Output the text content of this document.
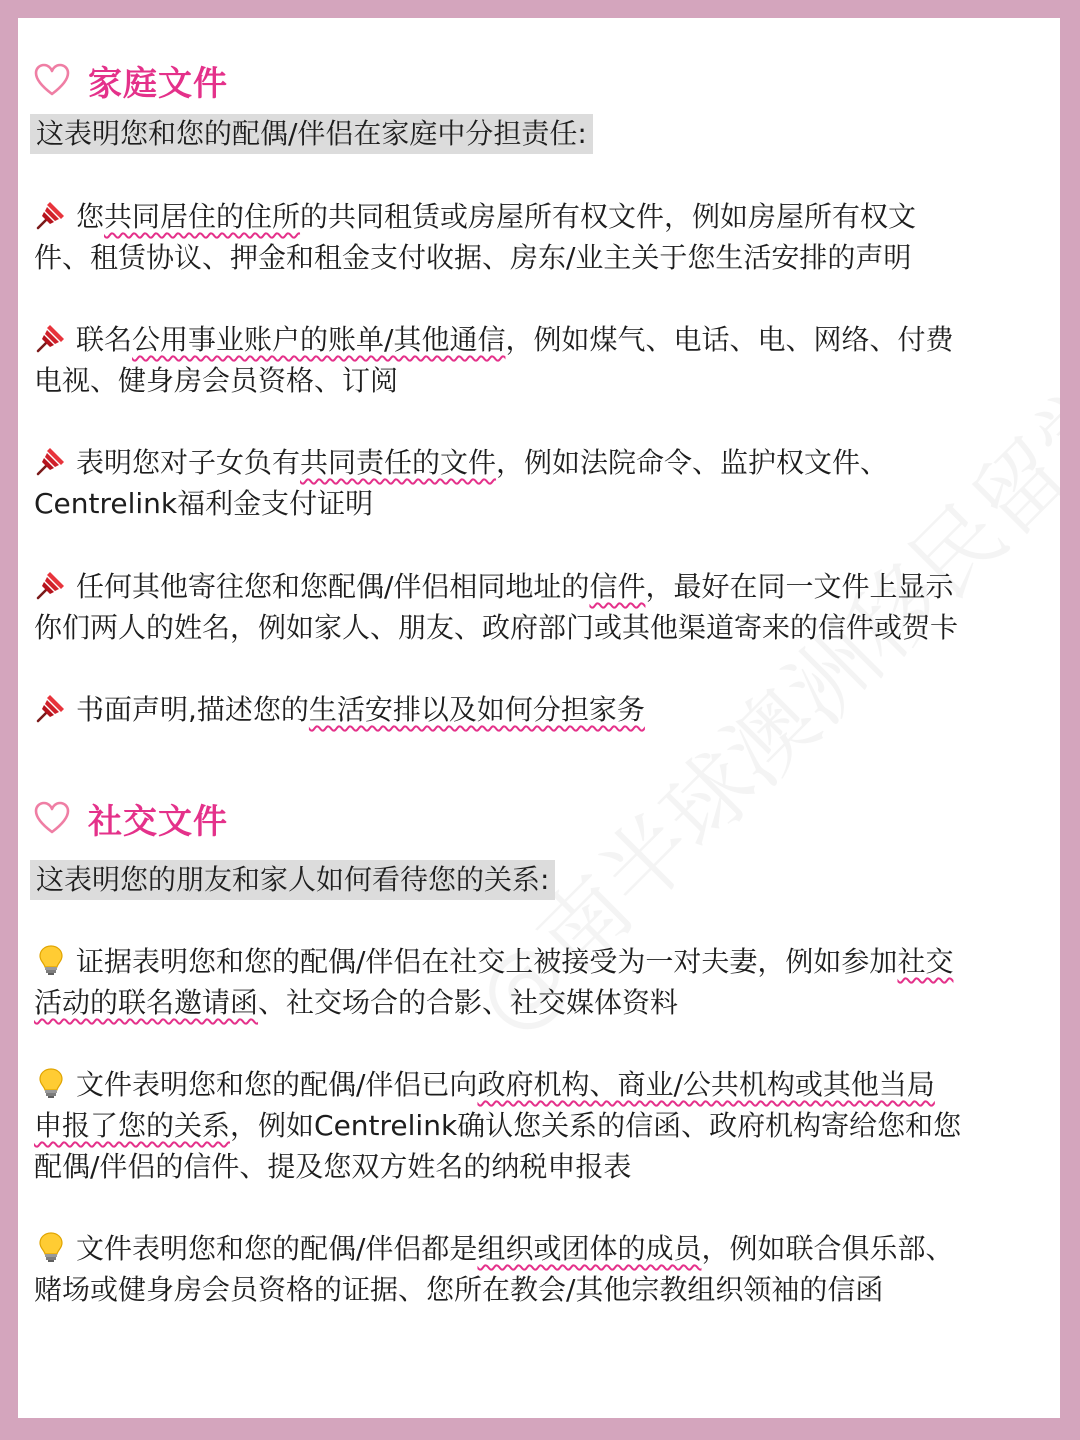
家庭文件
这表明您和您的配偶/伴侣在家庭中分担责任:

您共同居住的住所的共同租赁或房屋所有权文件，例如房屋所有权文

件、租赁协议、押金和租金支付收据、房东/业主关于您生活安排的声明

联名公用事业账户的账单/其他通信，例如煤气、电话、电、网络、付费

电视、健身房会员资格、订阅

表明您对子女负有共同责任的文件，例如法院命令、监护权文件、

Centrelink福利金支付证明

任何其他寄往您和您配偶/伴侣相同地址的信件，最好在同一文件上显示

你们两人的姓名，例如家人、朋友、政府部门或其他渠道寄来的信件或贺卡

书面声明,描述您的生活安排以及如何分担家务

社交文件
这表明您的朋友和家人如何看待您的关系:

证据表明您和您的配偶/伴侣在社交上被接受为一对夫妻，例如参加社交

活动的联名邀请函、社交场合的合影、社交媒体资料

文件表明您和您的配偶/伴侣已向政府机构、商业/公共机构或其他当局

申报了您的关系，例如Centrelink确认您关系的信函、政府机构寄给您和您

配偶/伴侣的信件、提及您双方姓名的纳税申报表

文件表明您和您的配偶/伴侣都是组织或团体的成员，例如联合俱乐部、

赌场或健身房会员资格的证据、您所在教会/其他宗教组织领袖的信函
